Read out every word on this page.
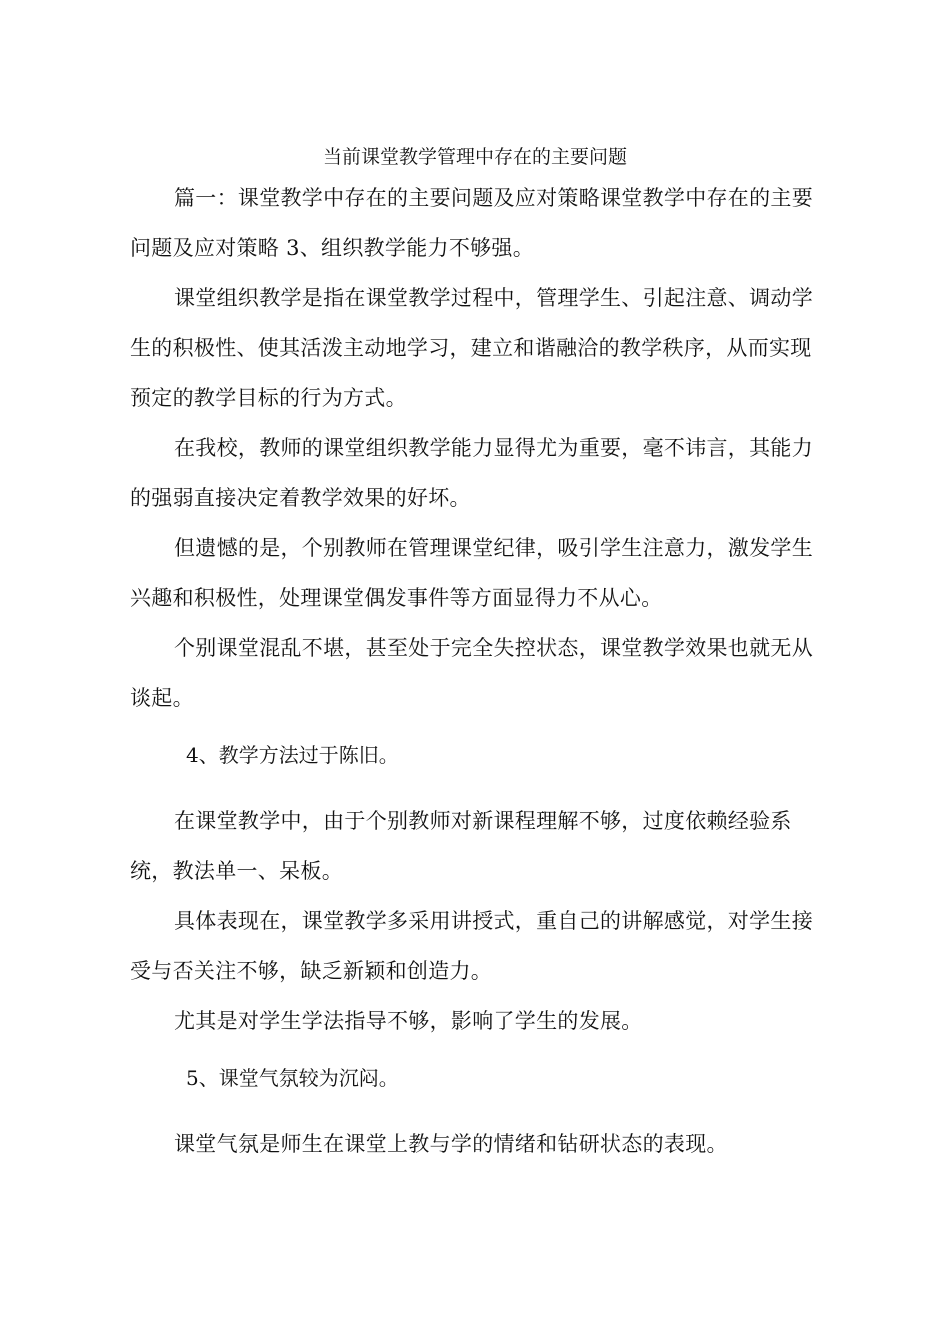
当前课堂教学管理中存在的主要问题

篇一：课堂教学中存在的主要问题及应对策略课堂教学中存在的主要问题及应对策略 3、组织教学能力不够强。

课堂组织教学是指在课堂教学过程中，管理学生、引起注意、调动学生的积极性、使其活泼主动地学习，建立和谐融洽的教学秩序，从而实现预定的教学目标的行为方式。

在我校，教师的课堂组织教学能力显得尤为重要，毫不讳言，其能力的强弱直接决定着教学效果的好坏。

但遗憾的是，个别教师在管理课堂纪律，吸引学生注意力，激发学生兴趣和积极性，处理课堂偶发事件等方面显得力不从心。

个别课堂混乱不堪，甚至处于完全失控状态，课堂教学效果也就无从谈起。

4、教学方法过于陈旧。

在课堂教学中，由于个别教师对新课程理解不够，过度依赖经验系统，教法单一、呆板。

具体表现在，课堂教学多采用讲授式，重自己的讲解感觉，对学生接受与否关注不够，缺乏新颖和创造力。

尤其是对学生学法指导不够，影响了学生的发展。

5、课堂气氛较为沉闷。

课堂气氛是师生在课堂上教与学的情绪和钻研状态的表现。
